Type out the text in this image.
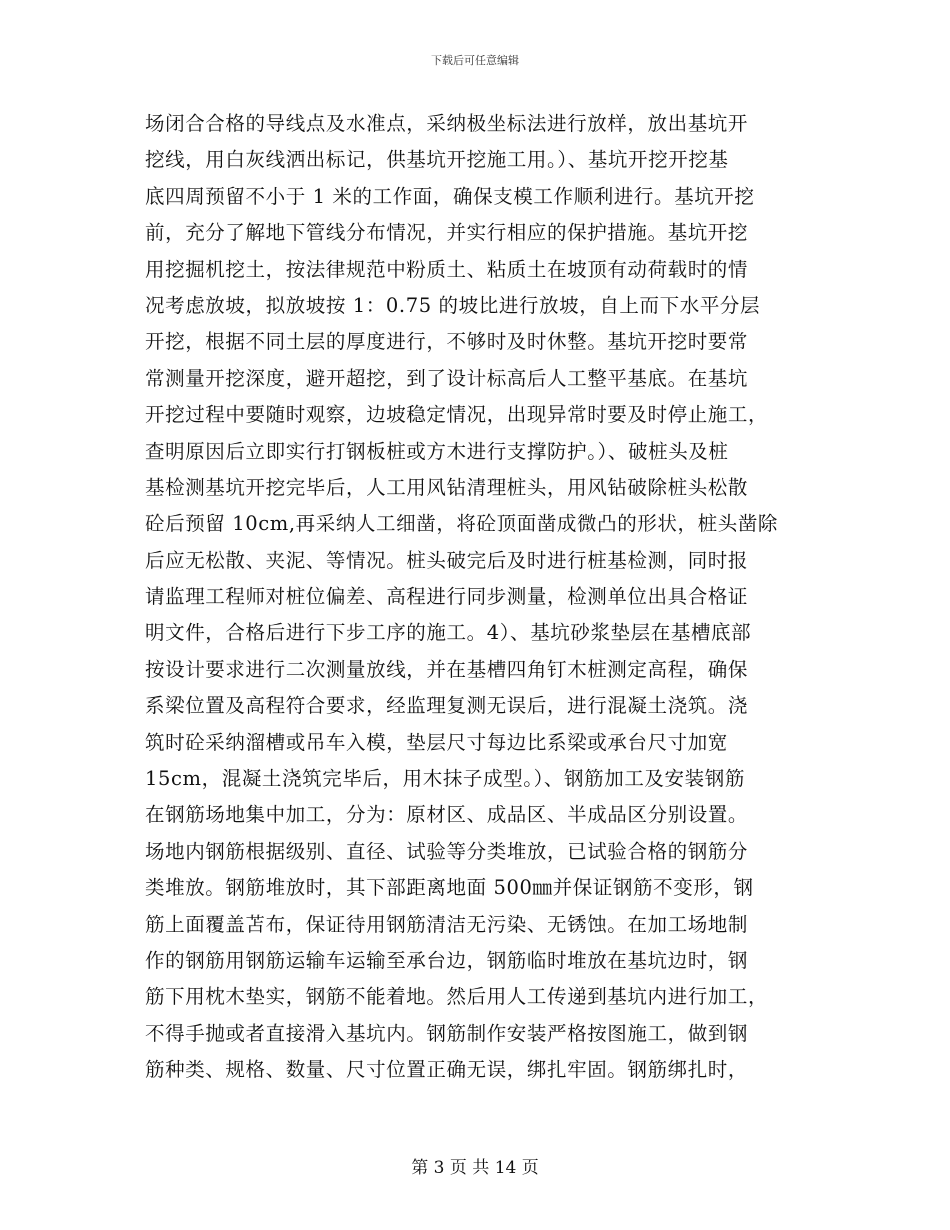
下载后可任意编辑
场闭合合格的导线点及水准点，采纳极坐标法进行放样，放出基坑开
挖线，用白灰线洒出标记，供基坑开挖施工用。）、基坑开挖开挖基
底四周预留不小于 1 米的工作面，确保支模工作顺利进行。基坑开挖
前，充分了解地下管线分布情况，并实行相应的保护措施。基坑开挖
用挖掘机挖土，按法律规范中粉质土、粘质土在坡顶有动荷载时的情
况考虑放坡，拟放坡按 1：0.75 的坡比进行放坡，自上而下水平分层
开挖，根据不同土层的厚度进行，不够时及时休整。基坑开挖时要常
常测量开挖深度，避开超挖，到了设计标高后人工整平基底。在基坑
开挖过程中要随时观察，边坡稳定情况，出现异常时要及时停止施工，
查明原因后立即实行打钢板桩或方木进行支撑防护。）、破桩头及桩
基检测基坑开挖完毕后，人工用风钻清理桩头，用风钻破除桩头松散
砼后预留 10cm,再采纳人工细凿，将砼顶面凿成微凸的形状，桩头凿除
后应无松散、夹泥、等情况。桩头破完后及时进行桩基检测，同时报
请监理工程师对桩位偏差、高程进行同步测量，检测单位出具合格证
明文件，合格后进行下步工序的施工。4）、基坑砂浆垫层在基槽底部
按设计要求进行二次测量放线，并在基槽四角钉木桩测定高程，确保
系梁位置及高程符合要求，经监理复测无误后，进行混凝土浇筑。浇
筑时砼采纳溜槽或吊车入模，垫层尺寸每边比系梁或承台尺寸加宽
15cm，混凝土浇筑完毕后，用木抹子成型。）、钢筋加工及安装钢筋
在钢筋场地集中加工，分为：原材区、成品区、半成品区分别设置。
场地内钢筋根据级别、直径、试验等分类堆放，已试验合格的钢筋分
类堆放。钢筋堆放时，其下部距离地面 500㎜并保证钢筋不变形，钢
筋上面覆盖苫布，保证待用钢筋清洁无污染、无锈蚀。在加工场地制
作的钢筋用钢筋运输车运输至承台边，钢筋临时堆放在基坑边时，钢
筋下用枕木垫实，钢筋不能着地。然后用人工传递到基坑内进行加工，
不得手抛或者直接滑入基坑内。钢筋制作安装严格按图施工，做到钢
筋种类、规格、数量、尺寸位置正确无误，绑扎牢固。钢筋绑扎时，
第 3 页 共 14 页
